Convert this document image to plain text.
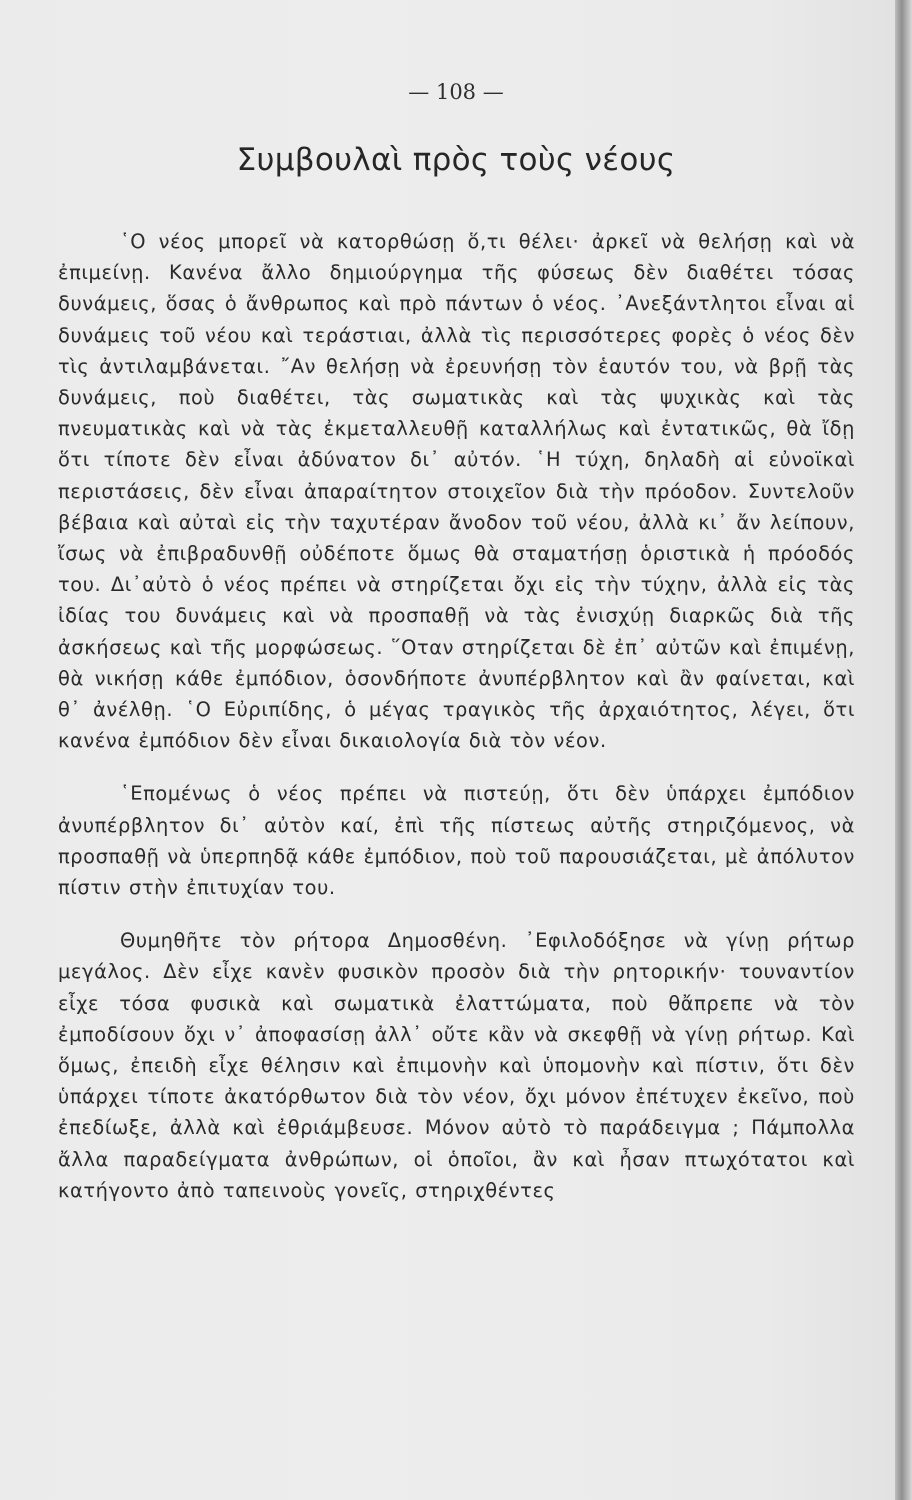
— 108 —
Συμβουλαὶ πρὸς τοὺς νέους

῾Ο νέος μπορεῖ νὰ κατορθώσῃ ὅ,τι θέλει· ἀρκεῖ νὰ θελήσῃ καὶ νὰ ἐπιμείνῃ. Κανένα ἄλλο δημιούργημα τῆς φύσεως δὲν διαθέτει τόσας δυνάμεις, ὅσας ὁ ἄνθρωπος καὶ πρὸ πάντων ὁ νέος. ᾿Ανεξάντλητοι εἶναι αἱ δυνάμεις τοῦ νέου καὶ τεράστιαι, ἀλλὰ τὶς περισσότερες φορὲς ὁ νέος δὲν τὶς ἀντιλαμβάνεται. ῎Αν θελήσῃ νὰ ἐρευνήσῃ τὸν ἑαυτόν του, νὰ βρῇ τὰς δυνάμεις, ποὺ διαθέτει, τὰς σωματικὰς καὶ τὰς ψυχικὰς καὶ τὰς πνευματικὰς καὶ νὰ τὰς ἐκμεταλλευθῇ καταλλήλως καὶ ἐντατικῶς, θὰ ἴδῃ ὅτι τίποτε δὲν εἶναι ἀδύνατον δι᾿ αὐτόν. ῾Η τύχη, δηλαδὴ αἱ εὐνοϊκαὶ περιστάσεις, δὲν εἶναι ἀπαραίτητον στοιχεῖον διὰ τὴν πρόοδον. Συντελοῦν βέβαια καὶ αὐταὶ εἰς τὴν ταχυτέραν ἄνοδον τοῦ νέου, ἀλλὰ κι᾿ ἄν λείπουν, ἴσως νὰ ἐπιβραδυνθῇ οὐδέποτε ὅμως θὰ σταματήσῃ ὁριστικὰ ἡ πρόοδός του. Δι᾿αὐτὸ ὁ νέος πρέπει νὰ στηρίζεται ὄχι εἰς τὴν τύχην, ἀλλὰ εἰς τὰς ἰδίας του δυνάμεις καὶ νὰ προσπαθῇ νὰ τὰς ἐνισχύῃ διαρκῶς διὰ τῆς ἀσκήσεως καὶ τῆς μορφώσεως. ῞Οταν στηρίζεται δὲ ἐπ᾿ αὐτῶν καὶ ἐπιμένῃ, θὰ νικήσῃ κάθε ἐμπόδιον, ὁσονδήποτε ἀνυπέρβλητον καὶ ἂν φαίνεται, καὶ θ᾿ ἀνέλθῃ. ῾Ο Εὐριπίδης, ὁ μέγας τραγικὸς τῆς ἀρχαιότητος, λέγει, ὅτι κανένα ἐμπόδιον δὲν εἶναι δικαιολογία διὰ τὸν νέον.

῾Επομένως ὁ νέος πρέπει νὰ πιστεύῃ, ὅτι δὲν ὑπάρχει ἐμπόδιον ἀνυπέρβλητον δι᾿ αὐτὸν καί, ἐπὶ τῆς πίστεως αὐτῆς στηριζόμενος, νὰ προσπαθῇ νὰ ὑπερπηδᾷ κάθε ἐμπόδιον, ποὺ τοῦ παρουσιάζεται, μὲ ἀπόλυτον πίστιν στὴν ἐπιτυχίαν του.

Θυμηθῆτε τὸν ρήτορα Δημοσθένη. ᾿Εφιλοδόξησε νὰ γίνῃ ρήτωρ μεγάλος. Δὲν εἶχε κανὲν φυσικὸν προσὸν διὰ τὴν ρητορικήν· τουναντίον εἶχε τόσα φυσικὰ καὶ σωματικὰ ἐλαττώματα, ποὺ θἄπρεπε νὰ τὸν ἐμποδίσουν ὄχι ν᾿ ἀποφασίσῃ ἀλλ᾿ οὔτε κἂν νὰ σκεφθῇ νὰ γίνῃ ρήτωρ. Καὶ ὅμως, ἐπειδὴ εἶχε θέλησιν καὶ ἐπιμονὴν καὶ ὑπομονὴν καὶ πίστιν, ὅτι δὲν ὑπάρχει τίποτε ἀκατόρθωτον διὰ τὸν νέον, ὄχι μόνον ἐπέτυχεν ἐκεῖνο, ποὺ ἐπεδίωξε, ἀλλὰ καὶ ἐθριάμβευσε. Μόνον αὐτὸ τὸ παράδειγμα ; Πάμπολλα ἄλλα παραδείγματα ἀνθρώπων, οἱ ὁποῖοι, ἂν καὶ ἦσαν πτωχότατοι καὶ κατήγοντο ἀπὸ ταπεινοὺς γονεῖς, στηριχθέντες
